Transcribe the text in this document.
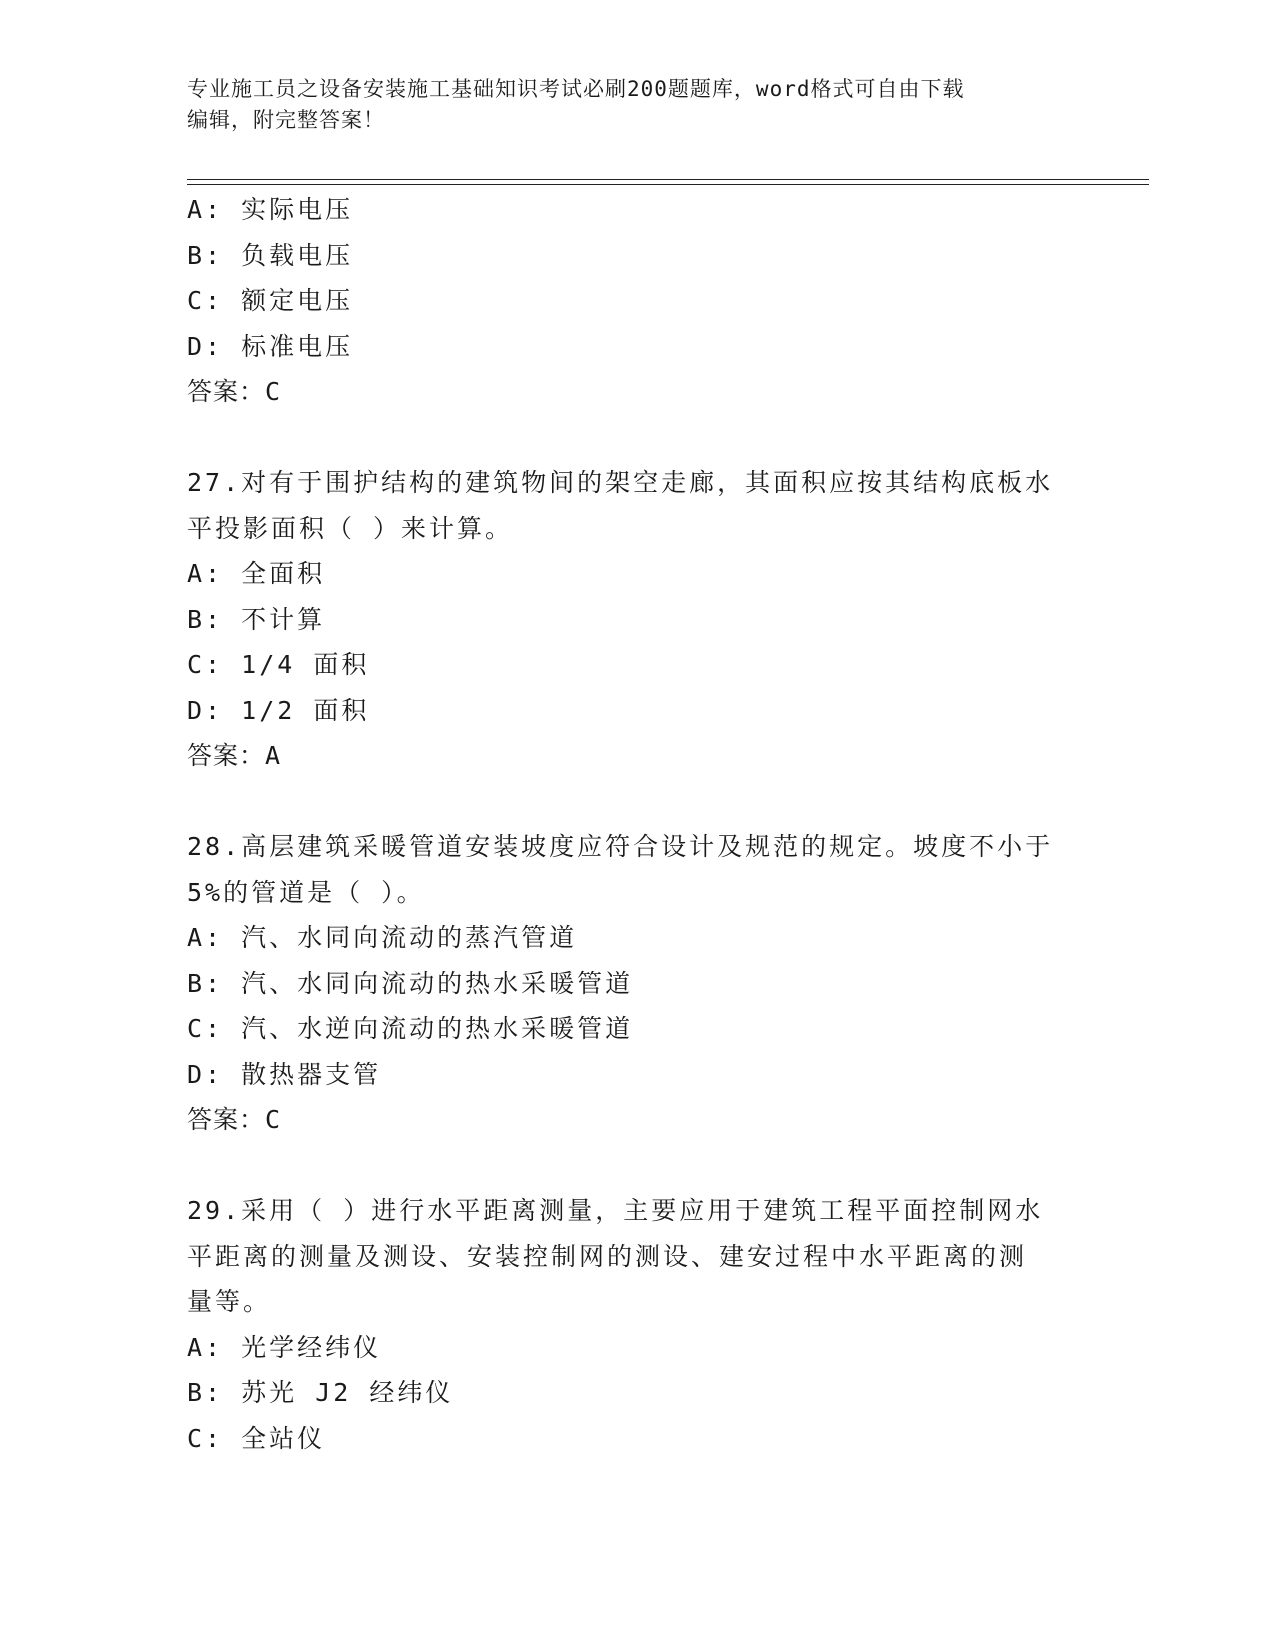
专业施工员之设备安装施工基础知识考试必刷200题题库，word格式可自由下载
编辑，附完整答案！
A: 实际电压
B: 负载电压
C: 额定电压
D: 标准电压
答案：C
27.对有于围护结构的建筑物间的架空走廊，其面积应按其结构底板水
平投影面积（ ）来计算。
A: 全面积
B: 不计算
C: 1/4 面积
D: 1/2 面积
答案：A
28.高层建筑采暖管道安装坡度应符合设计及规范的规定。坡度不小于
5%的管道是（ ）。
A: 汽、水同向流动的蒸汽管道
B: 汽、水同向流动的热水采暖管道
C: 汽、水逆向流动的热水采暖管道
D: 散热器支管
答案：C
29.采用（ ）进行水平距离测量，主要应用于建筑工程平面控制网水
平距离的测量及测设、安装控制网的测设、建安过程中水平距离的测
量等。
A: 光学经纬仪
B: 苏光 J2 经纬仪
C: 全站仪
